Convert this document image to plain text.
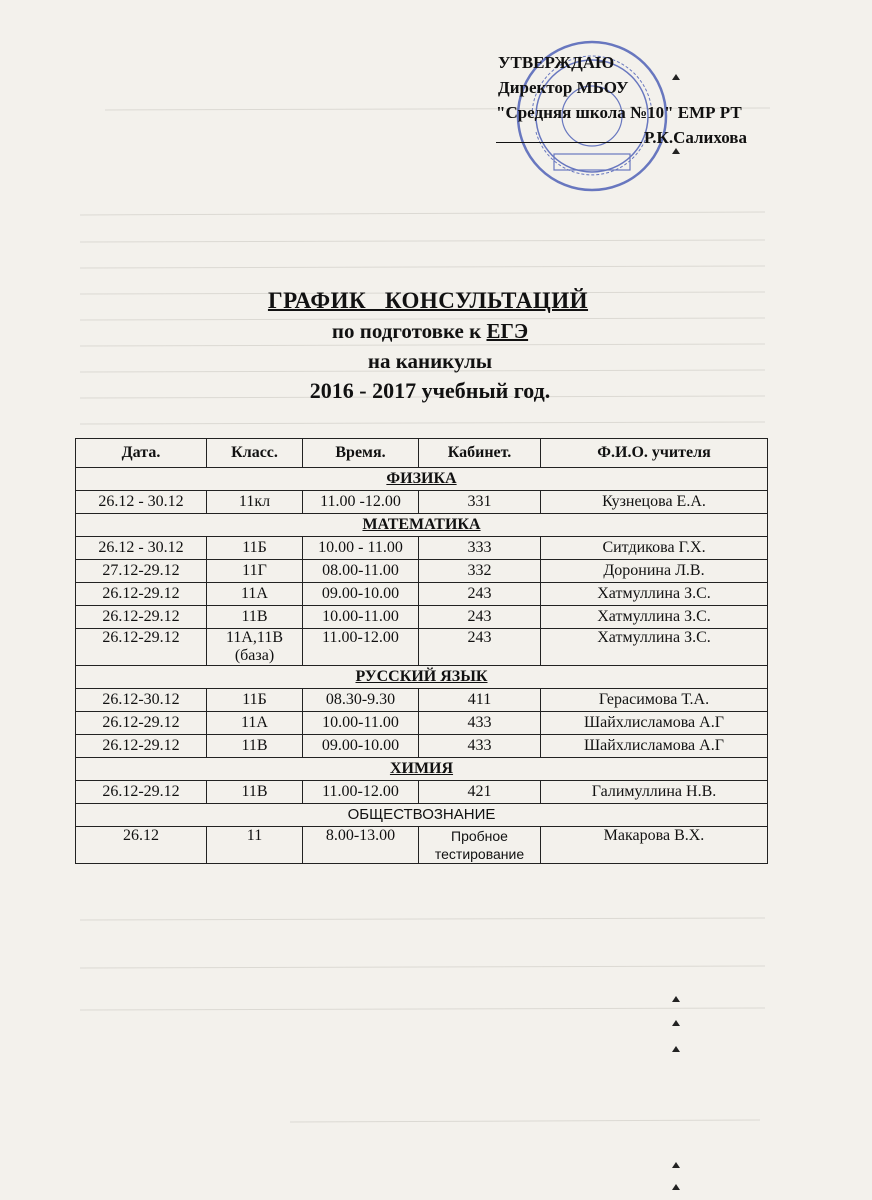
УТВЕРЖДАЮ
Директор МБОУ
"Средняя школа №10" ЕМР РТ
Р.К.Салихова
ГРАФИК   КОНСУЛЬТАЦИЙ
по подготовке к ЕГЭ
на каникулы
2016 - 2017 учебный год.
Дата.	Класс.	Время.	Кабинет.	Ф.И.О. учителя
ФИЗИКА				
26.12 - 30.12	11кл	11.00 -12.00	331	Кузнецова Е.А.
МАТЕМАТИКА				
26.12 - 30.12	11Б	10.00 - 11.00	333	Ситдикова Г.Х.
27.12-29.12	11Г	08.00-11.00	332	Доронина Л.В.
26.12-29.12	11А	09.00-10.00	243	Хатмуллина З.С.
26.12-29.12	11В	10.00-11.00	243	Хатмуллина З.С.
26.12-29.12	11А,11В (база)	11.00-12.00	243	Хатмуллина З.С.
РУССКИЙ ЯЗЫК				
26.12-30.12	11Б	08.30-9.30	411	Герасимова Т.А.
26.12-29.12	11А	10.00-11.00	433	Шайхлисламова А.Г
26.12-29.12	11В	09.00-10.00	433	Шайхлисламова А.Г
ХИМИЯ				
26.12-29.12	11В	11.00-12.00	421	Галимуллина Н.В.
ОБЩЕСТВОЗНАНИЕ				
26.12	11	8.00-13.00	Пробное тестирование	Макарова В.Х.
